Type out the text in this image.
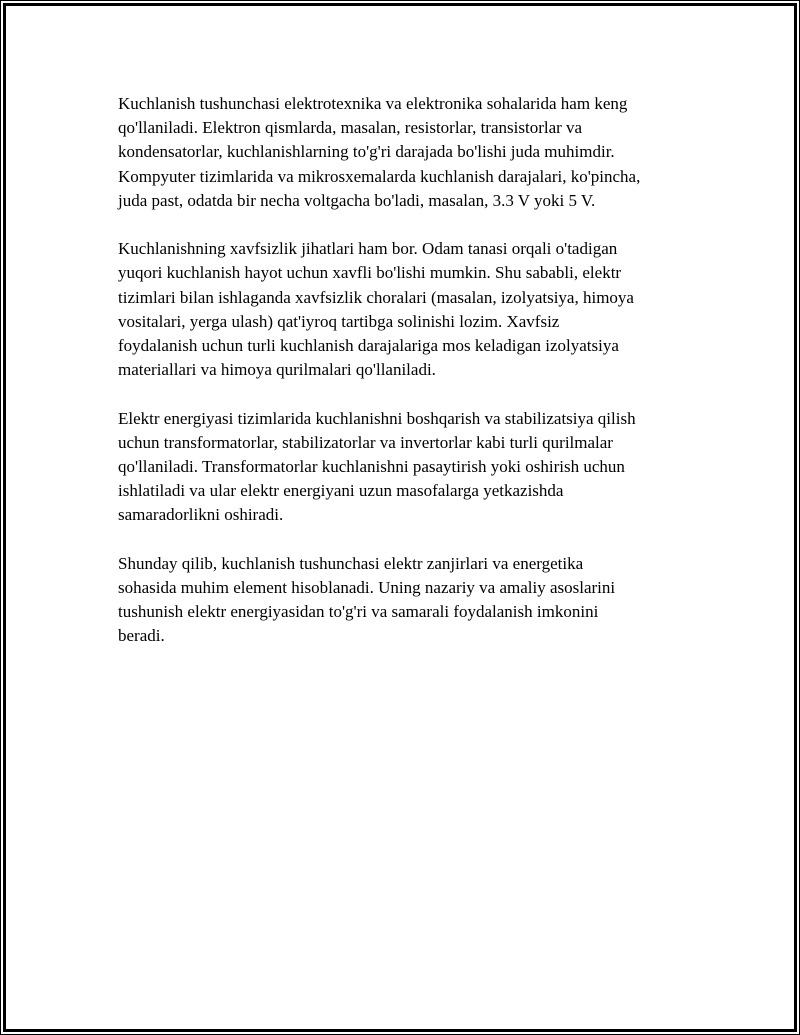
Kuchlanish tushunchasi elektrotexnika va elektronika sohalarida ham keng
qo'llaniladi. Elektron qismlarda, masalan, resistorlar, transistorlar va
kondensatorlar, kuchlanishlarning to'g'ri darajada bo'lishi juda muhimdir.
Kompyuter tizimlarida va mikrosxemalarda kuchlanish darajalari, ko'pincha,
juda past, odatda bir necha voltgacha bo'ladi, masalan, 3.3 V yoki 5 V.

Kuchlanishning xavfsizlik jihatlari ham bor. Odam tanasi orqali o'tadigan
yuqori kuchlanish hayot uchun xavfli bo'lishi mumkin. Shu sababli, elektr
tizimlari bilan ishlaganda xavfsizlik choralari (masalan, izolyatsiya, himoya
vositalari, yerga ulash) qat'iyroq tartibga solinishi lozim. Xavfsiz
foydalanish uchun turli kuchlanish darajalariga mos keladigan izolyatsiya
materiallari va himoya qurilmalari qo'llaniladi.

Elektr energiyasi tizimlarida kuchlanishni boshqarish va stabilizatsiya qilish
uchun transformatorlar, stabilizatorlar va invertorlar kabi turli qurilmalar
qo'llaniladi. Transformatorlar kuchlanishni pasaytirish yoki oshirish uchun
ishlatiladi va ular elektr energiyani uzun masofalarga yetkazishda
samaradorlikni oshiradi.

Shunday qilib, kuchlanish tushunchasi elektr zanjirlari va energetika
sohasida muhim element hisoblanadi. Uning nazariy va amaliy asoslarini
tushunish elektr energiyasidan to'g'ri va samarali foydalanish imkonini
beradi.
